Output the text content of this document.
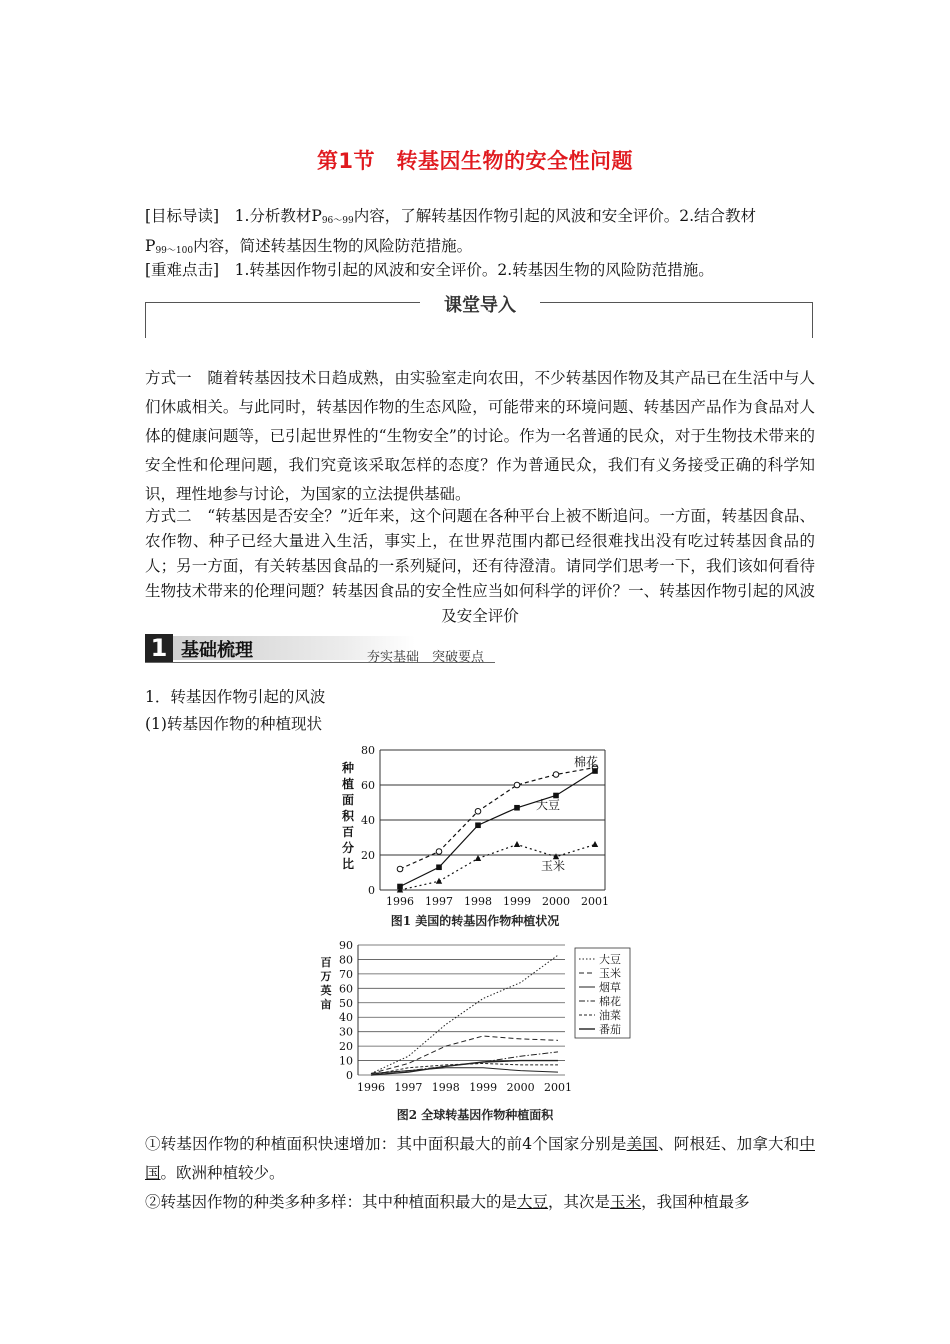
第1节　转基因生物的安全性问题
[目标导读]　1.分析教材$P_{96\sim 99}$内容，了解转基因作物引起的风波和安全评价。2.结合教材
$P_{99\sim 100}$内容，简述转基因生物的风险防范措施。
[重难点击]　1.转基因作物引起的风波和安全评价。2.转基因生物的风险防范措施。
课堂导入
方式一　随着转基因技术日趋成熟，由实验室走向农田，不少转基因作物及其产品已在生活中与人们休戚相关。与此同时，转基因作物的生态风险，可能带来的环境问题、转基因产品作为食品对人体的健康问题等，已引起世界性的“生物安全”的讨论。作为一名普通的民众，对于生物技术带来的安全性和伦理问题，我们究竟该采取怎样的态度？作为普通民众，我们有义务接受正确的科学知识，理性地参与讨论，为国家的立法提供基础。
方式二　“转基因是否安全？”近年来，这个问题在各种平台上被不断追问。一方面，转基因食品、农作物、种子已经大量进入生活，事实上，在世界范围内都已经很难找出没有吃过转基因食品的人；另一方面，有关转基因食品的一系列疑问，还有待澄清。请同学们思考一下，我们该如何看待生物技术带来的伦理问题？转基因食品的安全性应当如何科学的评价？一、转基因作物引起的风波及安全评价
1 基础梳理	夯实基础　突破要点
1．转基因作物引起的风波
(1)转基因作物的种植现状
0
20
40
60
80
1996 1997 1998 1999 2000 2001
种
植
面
积
百
分
比
棉花
大豆
玉米
图1 美国的转基因作物种植状况
0
10
20
30
40
50
60
70
80
90
1996 1997 1998 1999 2000 2001
百
万
英
亩
大豆
玉米
烟草
棉花
油菜
番茄
图2 全球转基因作物种植面积
①转基因作物的种植面积快速增加：其中面积最大的前4个国家分别是美国、阿根廷、加拿大和中国。欧洲种植较少。
②转基因作物的种类多种多样：其中种植面积最大的是大豆，其次是玉米，我国种植最多
